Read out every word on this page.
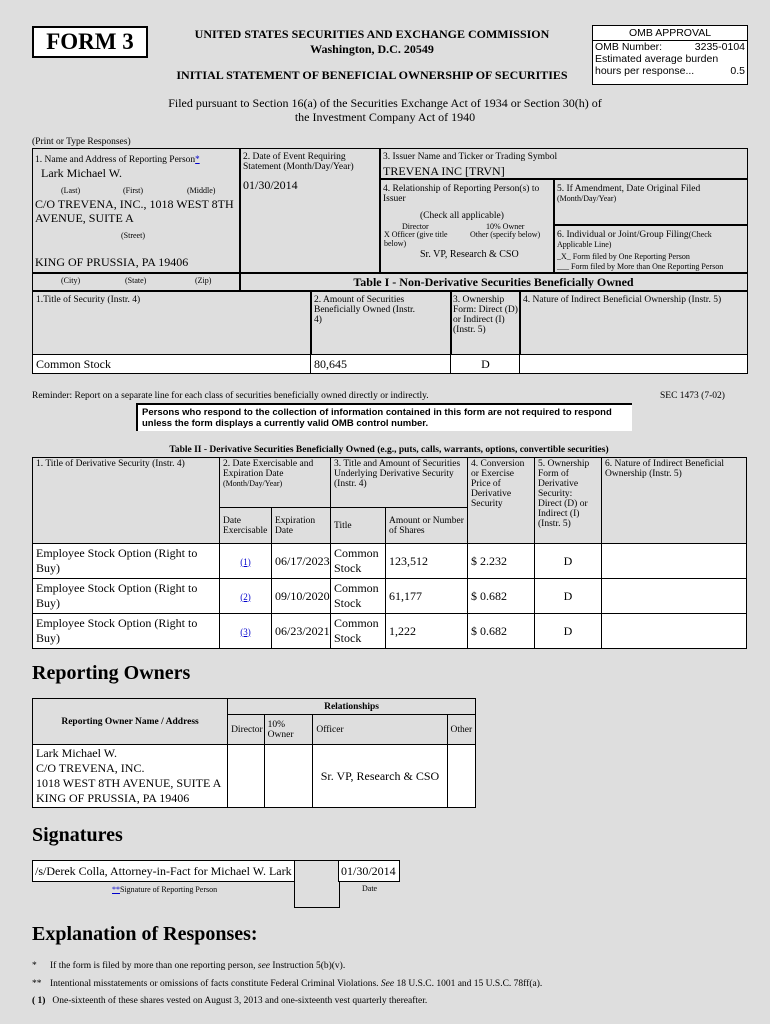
FORM 3	UNITED STATES SECURITIES AND EXCHANGE COMMISSION
Washington, D.C. 20549
INITIAL STATEMENT OF BENEFICIAL OWNERSHIP OF SECURITIES
OMB APPROVAL
OMB Number:	3235-0104
Estimated average burden
hours per response...	0.5
Filed pursuant to Section 16(a) of the Securities Exchange Act of 1934 or Section 30(h) of
the Investment Company Act of 1940
(Print or Type Responses)
1. Name and Address of Reporting Person*
Lark Michael W.
(Last)	(First)	(Middle)
C/O TREVENA, INC., 1018 WEST 8TH
AVENUE, SUITE A
(Street)
KING OF PRUSSIA, PA 19406
2. Date of Event Requiring Statement (Month/Day/Year)
01/30/2014
3. Issuer Name and Ticker or Trading Symbol
TREVENA INC [TRVN]
4. Relationship of Reporting Person(s) to Issuer
(Check all applicable)
Director	10% Owner
X Officer (give title below)
Other (specify below)
Sr. VP, Research & CSO
5. If Amendment, Date Original Filed (Month/Day/Year)
6. Individual or Joint/Group Filing(Check Applicable Line)
_X_ Form filed by One Reporting Person
___ Form filed by More than One Reporting Person
(City)	(State)	(Zip)	Table I - Non-Derivative Securities Beneficially Owned
1.Title of Security (Instr. 4)	2. Amount of Securities Beneficially Owned (Instr. 4)
3. Ownership Form: Direct (D) or Indirect (I) (Instr. 5)
4. Nature of Indirect Beneficial Ownership (Instr. 5)
Common Stock	80,645	D
Reminder: Report on a separate line for each class of securities beneficially owned directly or indirectly.	SEC 1473 (7-02)
Persons who respond to the collection of information contained in this form are not required to respond
unless the form displays a currently valid OMB control number.
Table II - Derivative Securities Beneficially Owned (e.g., puts, calls, warrants, options, convertible securities)
1. Title of Derivative Security (Instr. 4)	2. Date Exercisable and Expiration Date
(Month/Day/Year)		3. Title and Amount of Securities Underlying Derivative Security (Instr. 4)		4. Conversion or Exercise Price of Derivative Security	5. Ownership Form of Derivative Security: Direct (D) or Indirect (I) (Instr. 5)	6. Nature of Indirect Beneficial Ownership (Instr. 5)
	Date Exercisable	Expiration Date	Title	Amount or Number of Shares			
Employee Stock Option (Right to Buy)	(1)	06/17/2023	Common Stock	123,512	$ 2.232	D	
Employee Stock Option (Right to Buy)	(2)	09/10/2020	Common Stock	61,177	$ 0.682	D	
Employee Stock Option (Right to Buy)	(3)	06/23/2021	Common Stock	1,222	$ 0.682	D	
Reporting Owners
Reporting Owner Name / Address	Relationships			
	Director	10% Owner	Officer	Other

Lark Michael W.
C/O TREVENA, INC.
1018 WEST 8TH AVENUE, SUITE A
KING OF PRUSSIA, PA 19406			Sr. VP, Research & CSO	
Signatures
/s/Derek Colla, Attorney-in-Fact for Michael W. Lark	01/30/2014
**Signature of Reporting Person	Date
Explanation of Responses:
* If the form is filed by more than one reporting person, see Instruction 5(b)(v).
** Intentional misstatements or omissions of facts constitute Federal Criminal Violations. See 18 U.S.C. 1001 and 15 U.S.C. 78ff(a).
( 1) One-sixteenth of these shares vested on August 3, 2013 and one-sixteenth vest quarterly thereafter.
